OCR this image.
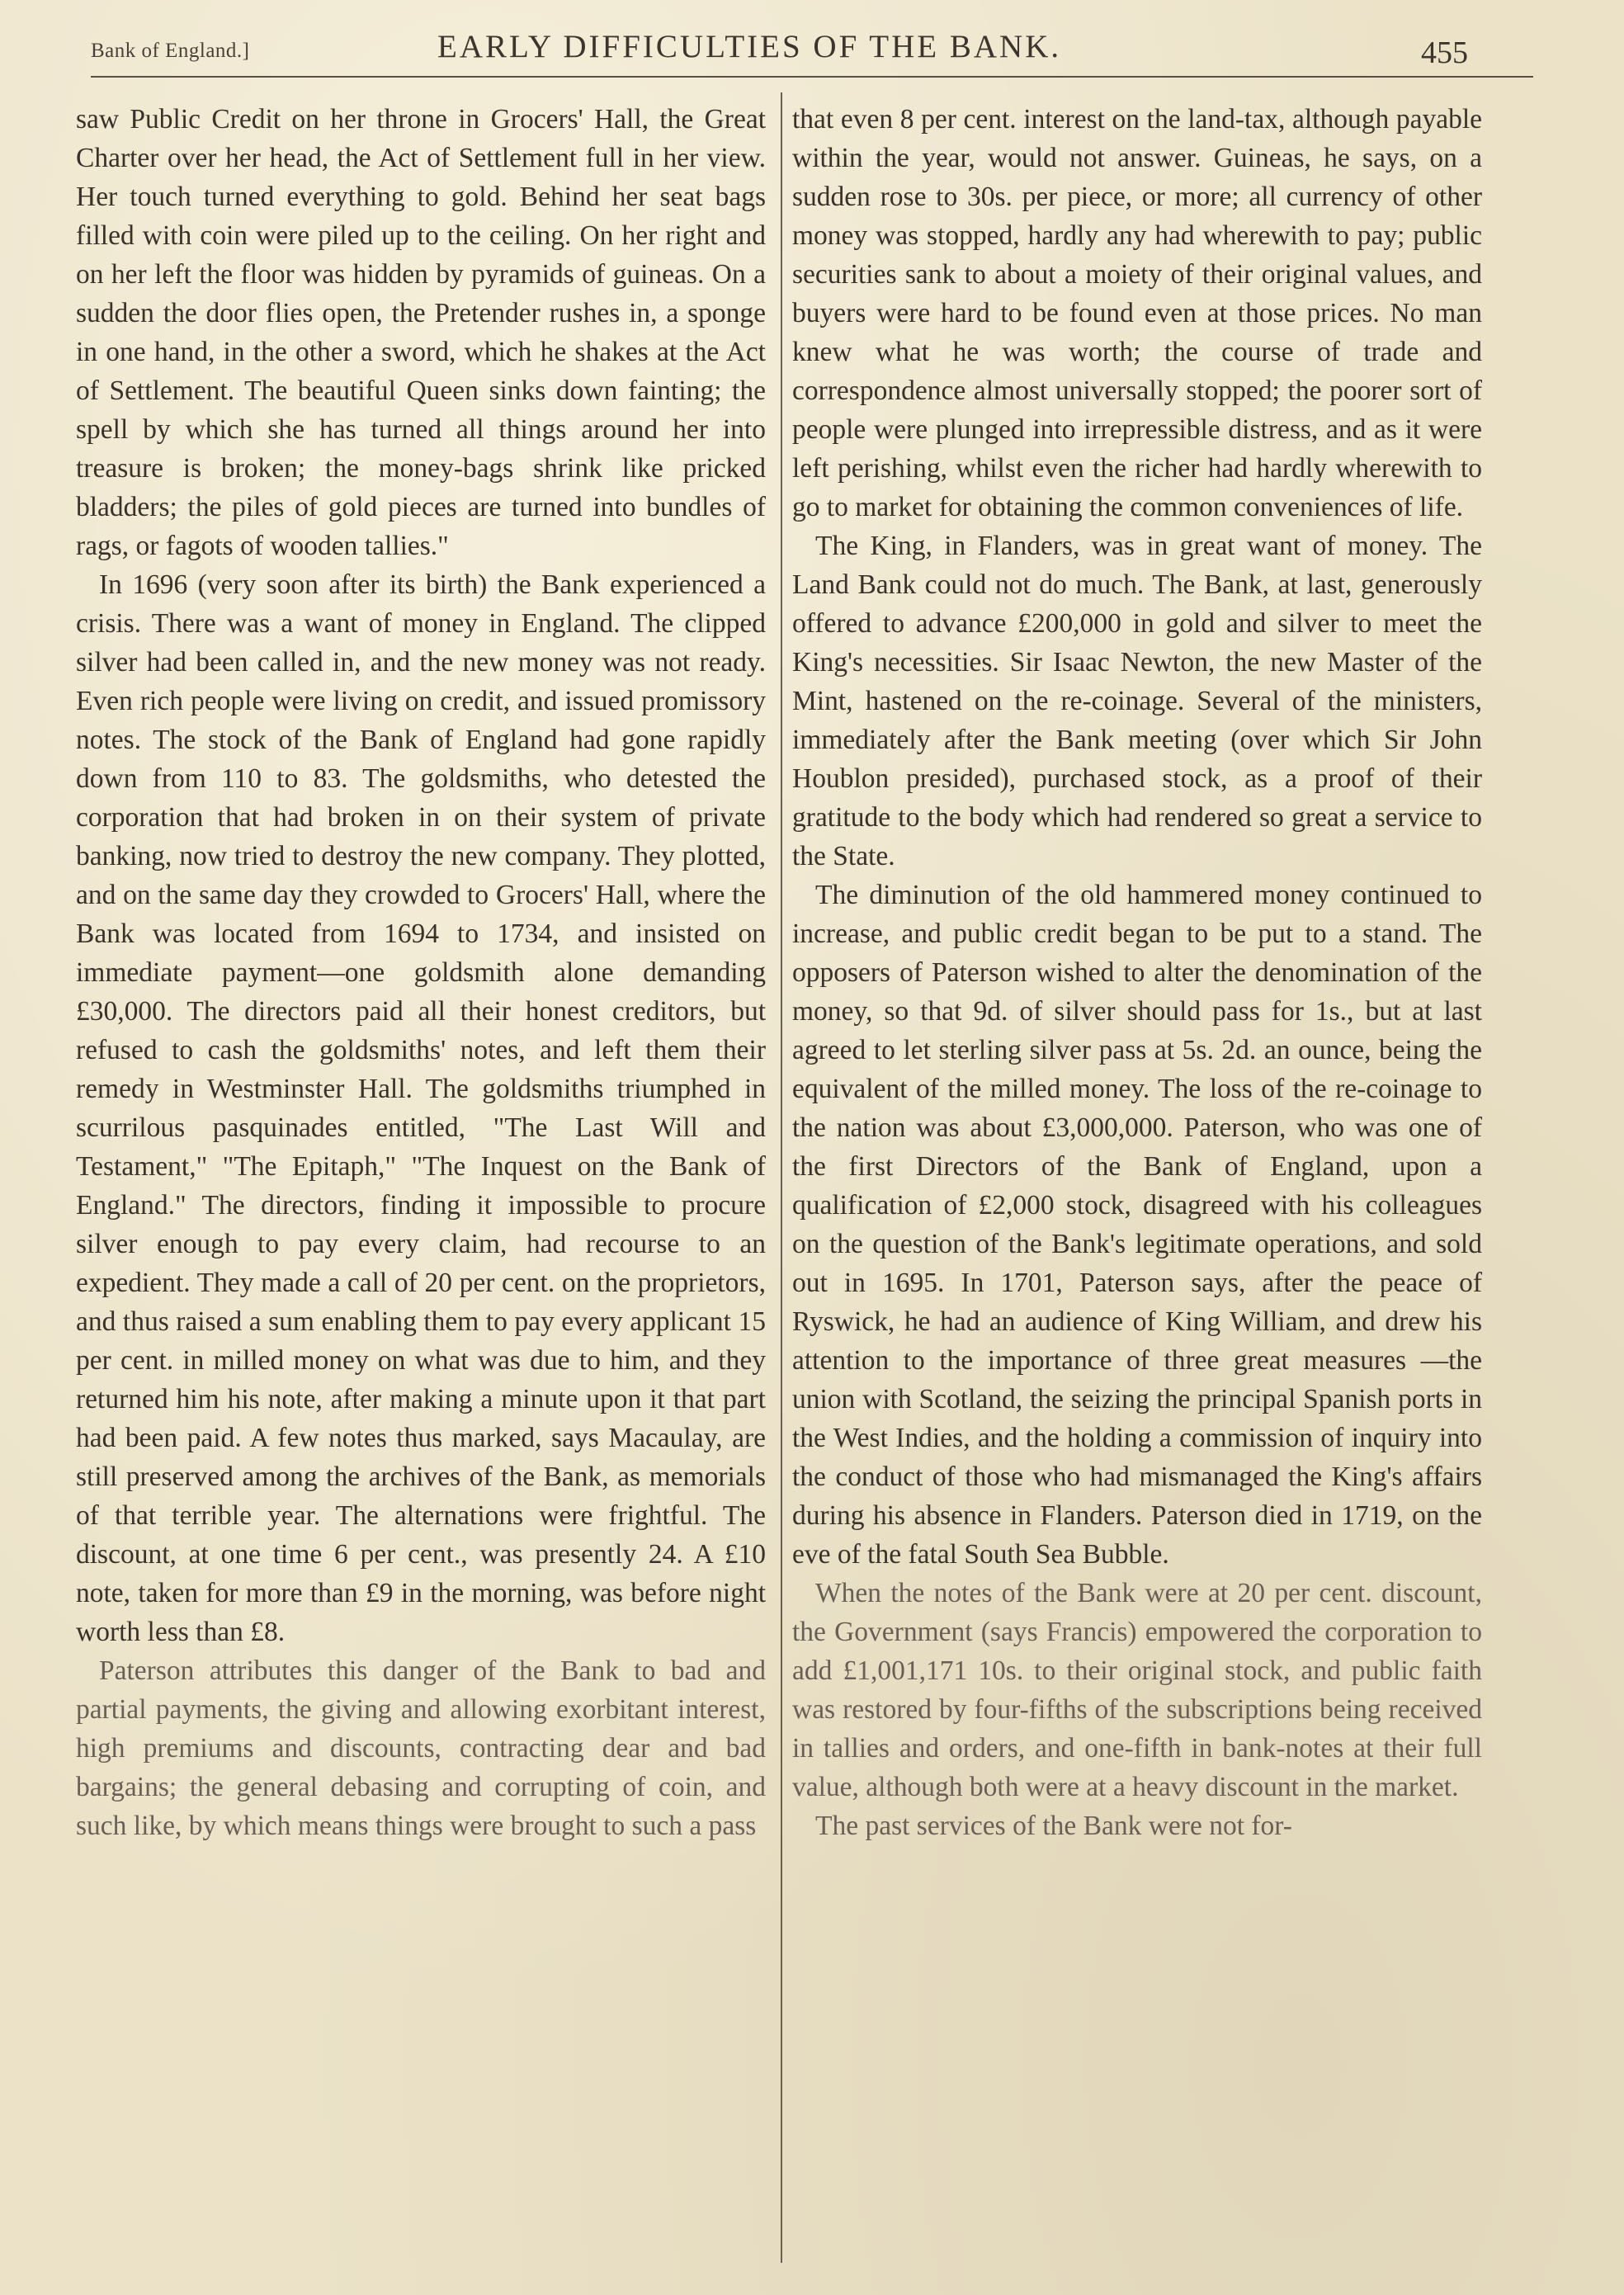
Bank of England.]	EARLY DIFFICULTIES OF THE BANK.	455

saw Public Credit on her throne in Grocers' Hall, the Great Charter over her head, the Act of Settlement full in her view. Her touch turned everything to gold. Behind her seat bags filled with coin were piled up to the ceiling. On her right and on her left the floor was hidden by pyramids of guineas. On a sudden the door flies open, the Pretender rushes in, a sponge in one hand, in the other a sword, which he shakes at the Act of Settlement. The beautiful Queen sinks down fainting; the spell by which she has turned all things around her into treasure is broken; the money-bags shrink like pricked bladders; the piles of gold pieces are turned into bundles of rags, or fagots of wooden tallies."

In 1696 (very soon after its birth) the Bank experienced a crisis. There was a want of money in England. The clipped silver had been called in, and the new money was not ready. Even rich people were living on credit, and issued promissory notes. The stock of the Bank of England had gone rapidly down from 110 to 83. The goldsmiths, who detested the corporation that had broken in on their system of private banking, now tried to destroy the new company. They plotted, and on the same day they crowded to Grocers' Hall, where the Bank was located from 1694 to 1734, and insisted on immediate payment—one goldsmith alone demanding £30,000. The directors paid all their honest creditors, but refused to cash the goldsmiths' notes, and left them their remedy in Westminster Hall. The goldsmiths triumphed in scurrilous pasquinades entitled, "The Last Will and Testament," "The Epitaph," "The Inquest on the Bank of England." The directors, finding it impossible to procure silver enough to pay every claim, had recourse to an expedient. They made a call of 20 per cent. on the proprietors, and thus raised a sum enabling them to pay every applicant 15 per cent. in milled money on what was due to him, and they returned him his note, after making a minute upon it that part had been paid. A few notes thus marked, says Macaulay, are still preserved among the archives of the Bank, as memorials of that terrible year. The alternations were frightful. The discount, at one time 6 per cent., was presently 24. A £10 note, taken for more than £9 in the morning, was before night worth less than £8.

Paterson attributes this danger of the Bank to bad and partial payments, the giving and allowing exorbitant interest, high premiums and discounts, contracting dear and bad bargains; the general debasing and corrupting of coin, and such like, by which means things were brought to such a pass

that even 8 per cent. interest on the land-tax, although payable within the year, would not answer. Guineas, he says, on a sudden rose to 30s. per piece, or more; all currency of other money was stopped, hardly any had wherewith to pay; public securities sank to about a moiety of their original values, and buyers were hard to be found even at those prices. No man knew what he was worth; the course of trade and correspondence almost universally stopped; the poorer sort of people were plunged into irrepressible distress, and as it were left perishing, whilst even the richer had hardly wherewith to go to market for obtaining the common conveniences of life.

The King, in Flanders, was in great want of money. The Land Bank could not do much. The Bank, at last, generously offered to advance £200,000 in gold and silver to meet the King's necessities. Sir Isaac Newton, the new Master of the Mint, hastened on the re-coinage. Several of the ministers, immediately after the Bank meeting (over which Sir John Houblon presided), purchased stock, as a proof of their gratitude to the body which had rendered so great a service to the State.

The diminution of the old hammered money continued to increase, and public credit began to be put to a stand. The opposers of Paterson wished to alter the denomination of the money, so that 9d. of silver should pass for 1s., but at last agreed to let sterling silver pass at 5s. 2d. an ounce, being the equivalent of the milled money. The loss of the re-coinage to the nation was about £3,000,000. Paterson, who was one of the first Directors of the Bank of England, upon a qualification of £2,000 stock, disagreed with his colleagues on the question of the Bank's legitimate operations, and sold out in 1695. In 1701, Paterson says, after the peace of Ryswick, he had an audience of King William, and drew his attention to the importance of three great measures —the union with Scotland, the seizing the principal Spanish ports in the West Indies, and the holding a commission of inquiry into the conduct of those who had mismanaged the King's affairs during his absence in Flanders. Paterson died in 1719, on the eve of the fatal South Sea Bubble.

When the notes of the Bank were at 20 per cent. discount, the Government (says Francis) empowered the corporation to add £1,001,171 10s. to their original stock, and public faith was restored by four-fifths of the subscriptions being received in tallies and orders, and one-fifth in bank-notes at their full value, although both were at a heavy discount in the market.

The past services of the Bank were not for-
